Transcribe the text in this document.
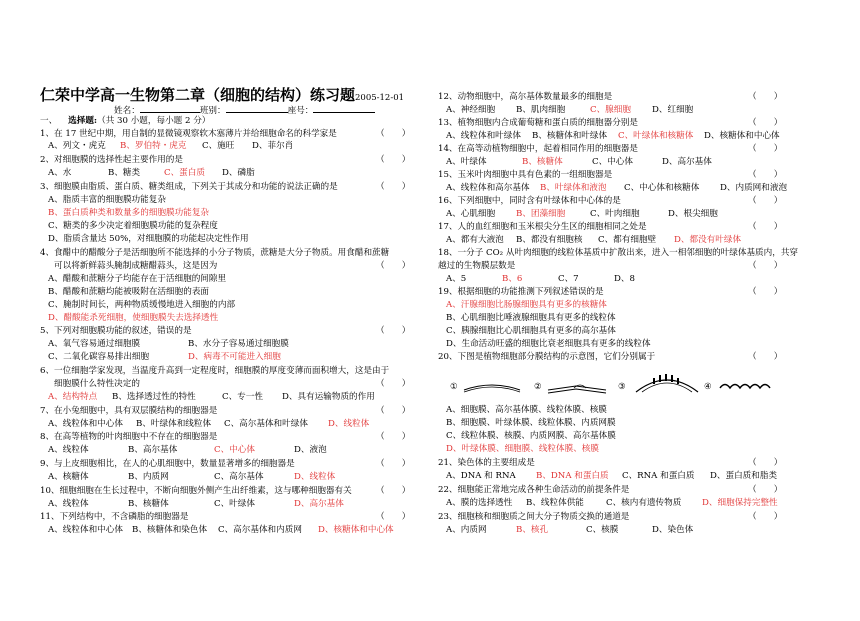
仁荣中学高一生物第二章（细胞的结构）练习题2005-12-01
姓名：	班别：	座号：
一、 选择题:（共 30 小题，每小题 2 分）
1、在 17 世纪中期，用自制的显微镜观察软木塞薄片并给细胞命名的科学家是	（　　）
A、列文・虎克 B、罗伯特・虎克 C、施旺 D、菲尔肖
2、对细胞膜的选择性起主要作用的是	（　　）
A、水	B、糖类	C、蛋白质 D、磷脂
3、细胞膜由脂质、蛋白质、糖类组成，下列关于其成分和功能的说法正确的是	（　　）
A、脂质丰富的细胞膜功能复杂
B、蛋白质种类和数量多的细胞膜功能复杂
C、糖类的多少决定着细胞膜功能的复杂程度
D、脂质含量达 50%，对细胞膜的功能起决定性作用
4、食醋中的醋酸分子是活细胞所不能选择的小分子物质，蔗糖是大分子物质。用食醋和蔗糖
可以将新鲜蒜头腌制成糖醋蒜头，这是因为	（　　）
A、醋酸和蔗糖分子均能存在于活细胞的间隙里
B、醋酸和蔗糖均能被吸附在活细胞的表面
C、腌制时间长，两种物质缓慢地进入细胞的内部
D、醋酸能杀死细胞，使细胞膜失去选择透性
5、下列对细胞膜功能的叙述，错误的是	（　　）
A、氧气容易通过细胞膜	B、水分子容易通过细胞膜
C、二氧化碳容易排出细胞	D、病毒不可能进入细胞
6、一位细胞学家发现，当温度升高到一定程度时，细胞膜的厚度变薄而面积增大，这是由于
细胞膜什么特性决定的	（　　）
A、结构特点 B、选择透过性的特性	C、专一性 D、具有运输物质的作用
7、在小兔细胞中，具有双层膜结构的细胞器是	（　　）
A、线粒体和中心体 B、叶绿体和线粒体 C、高尔基体和叶绿体 D、线粒体
8、在高等植物的叶肉细胞中不存在的细胞器是	（　　）
A、线粒体	B、高尔基体	C、中心体	D、液泡
9、与上皮细胞相比，在人的心肌细胞中，数量显著增多的细胞器是	（　　）
A、核糖体	B、内质网	C、高尔基体	D、线粒体
10、细胞细胞在生长过程中，不断向细胞外侧产生出纤维素，这与哪种细胞器有关	（　　）
A、线粒体	B、核糖体	C、叶绿体	D、高尔基体
11、下列结构中，不含磷脂的细胞器是	（　　）
A、线粒体和中心体 B、核糖体和染色体 C、高尔基体和内质网 D、核糖体和中心体
12、动物细胞中，高尔基体数量最多的细胞是	（　　）
A、神经细胞 B、肌肉细胞	C、腺细胞 D、红细胞
13、植物细胞内合成葡萄糖和蛋白质的细胞器分别是	（　　）
A、线粒体和叶绿体 B、核糖体和叶绿体 C、叶绿体和核糖体 D、核糖体和中心体
14、在高等动植物细胞中，起着相同作用的细胞器是	（　　）
A、叶绿体	B、核糖体	C、中心体	D、高尔基体
15、玉米叶肉细胞中具有色素的一组细胞器是	（　　）
A、线粒体和高尔基体 B、叶绿体和液泡 C、中心体和核糖体 D、内质网和液泡
16、下列细胞中，同时含有叶绿体和中心体的是	（　　）
A、心肌细胞 B、团藻细胞	C、叶肉细胞	D、根尖细胞
17、人的血红细胞和玉米根尖分生区的细胞相同之处是	（　　）
A、都有大液泡 B、都没有细胞核 C、都有细胞壁 D、都没有叶绿体
18、一分子 CO₂ 从叶肉细胞的线粒体基质中扩散出来，进入一相邻细胞的叶绿体基质内，共穿
越过的生物膜层数是	（　　）
A、5	B、6	C、7	D、8
19、根据细胞的功能推测下列叙述错误的是	（　　）
A、汗腺细胞比肠腺细胞具有更多的核糖体
B、心肌细胞比唾液腺细胞具有更多的线粒体
C、胰腺细胞比心肌细胞具有更多的高尔基体
D、生命活动旺盛的细胞比衰老细胞具有更多的线粒体
20、下图是植物细胞部分膜结构的示意图，它们分别属于	（　　）
①	②	③	④
A、细胞膜、高尔基体膜、线粒体膜、核膜
B、细胞膜、叶绿体膜、线粒体膜、内质网膜
C、线粒体膜、核膜、内质网膜、高尔基体膜
D、叶绿体膜、细胞膜、线粒体膜、核膜
21、染色体的主要组成是	（　　）
A、DNA 和 RNA B、DNA 和蛋白质 C、RNA 和蛋白质 D、蛋白质和脂类
22、细胞能正常地完成各种生命活动的前提条件是	（　　）
A、膜的选择透性 B、线粒体供能	C、核内有遗传物质 D、细胞保持完整性
23、细胞核和细胞质之间大分子物质交换的通道是	（　　）
A、内质网	B、核孔	C、核膜	D、染色体
